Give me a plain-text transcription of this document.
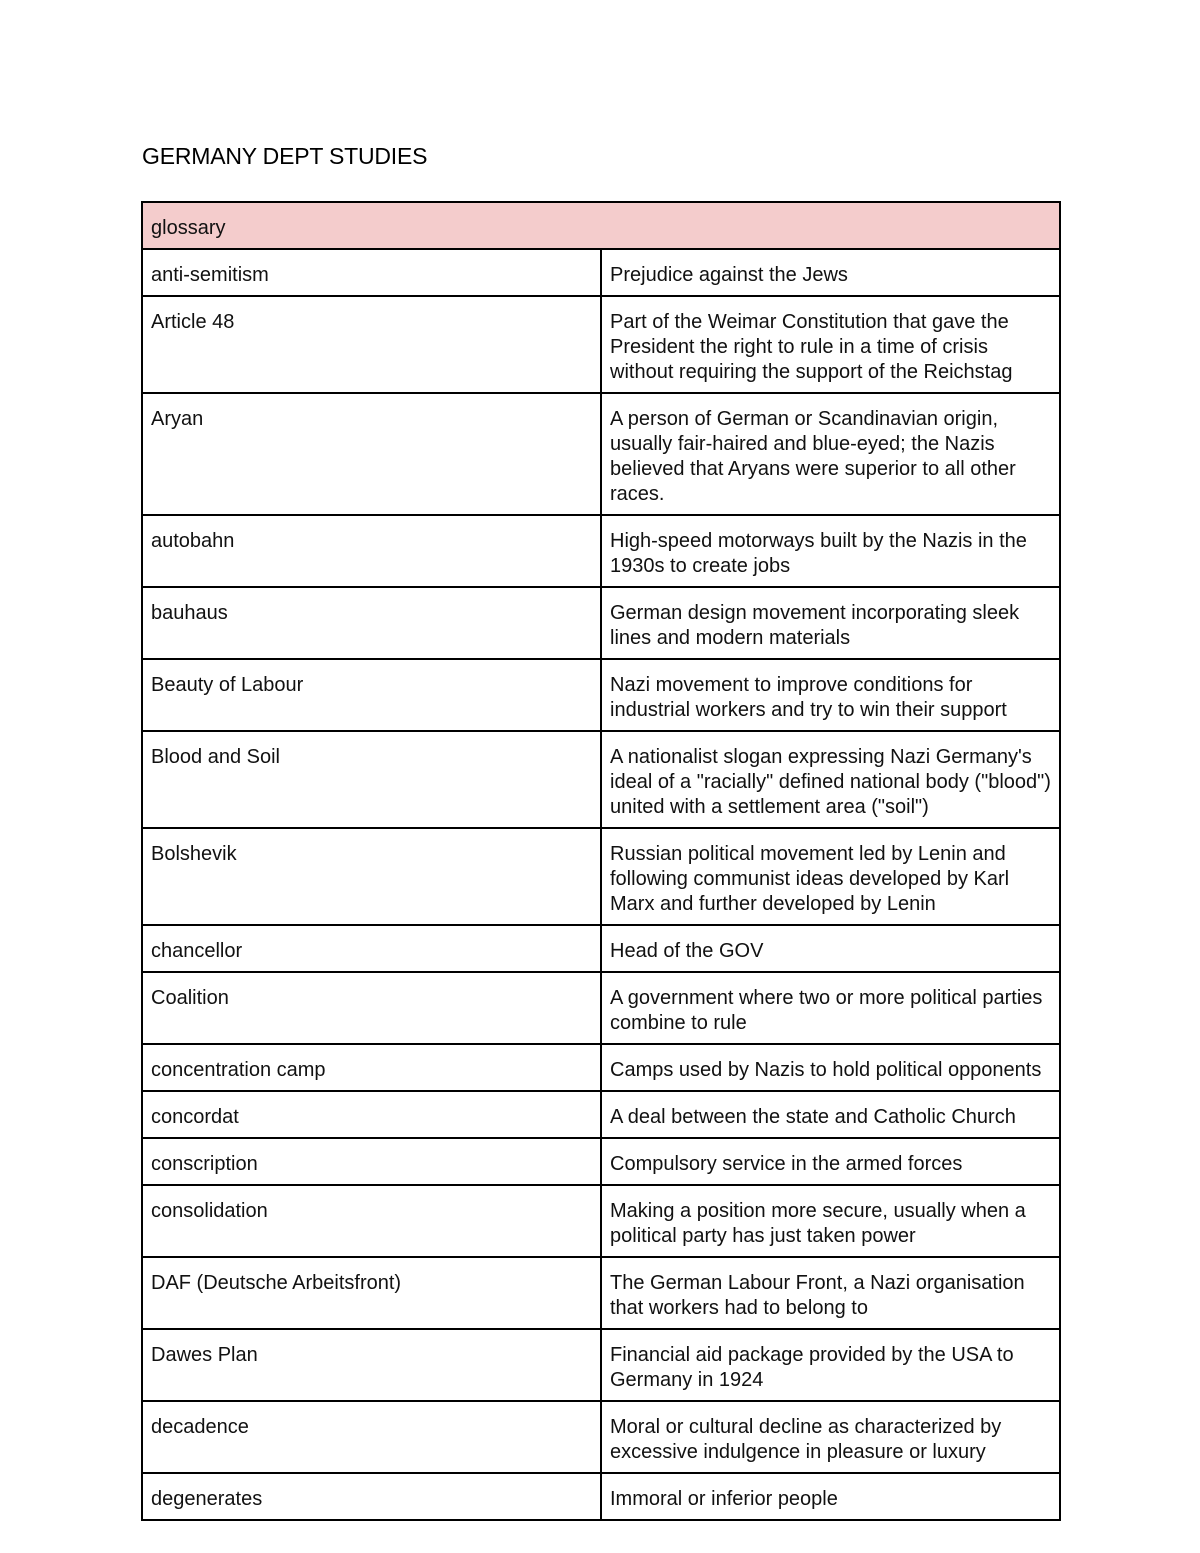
GERMANY DEPT STUDIES
glossary	
anti-semitism	Prejudice against the Jews
Article 48	Part of the Weimar Constitution that gave the President the right to rule in a time of crisis without requiring the support of the Reichstag
Aryan	A person of German or Scandinavian origin, usually fair-haired and blue-eyed; the Nazis believed that Aryans were superior to all other races.
autobahn	High-speed motorways built by the Nazis in the 1930s to create jobs
bauhaus	German design movement incorporating sleek lines and modern materials
Beauty of Labour	Nazi movement to improve conditions for industrial workers and try to win their support
Blood and Soil	A nationalist slogan expressing Nazi Germany's ideal of a "racially" defined national body ("blood") united with a settlement area ("soil")
Bolshevik	Russian political movement led by Lenin and following communist ideas developed by Karl Marx and further developed by Lenin
chancellor	Head of the GOV
Coalition	A government where two or more political parties combine to rule
concentration camp	Camps used by Nazis to hold political opponents
concordat	A deal between the state and Catholic Church
conscription	Compulsory service in the armed forces
consolidation	Making a position more secure, usually when a political party has just taken power
DAF (Deutsche Arbeitsfront)	The German Labour Front, a Nazi organisation that workers had to belong to
Dawes Plan	Financial aid package provided by the USA to Germany in 1924
decadence	Moral or cultural decline as characterized by excessive indulgence in pleasure or luxury
degenerates	Immoral or inferior people
